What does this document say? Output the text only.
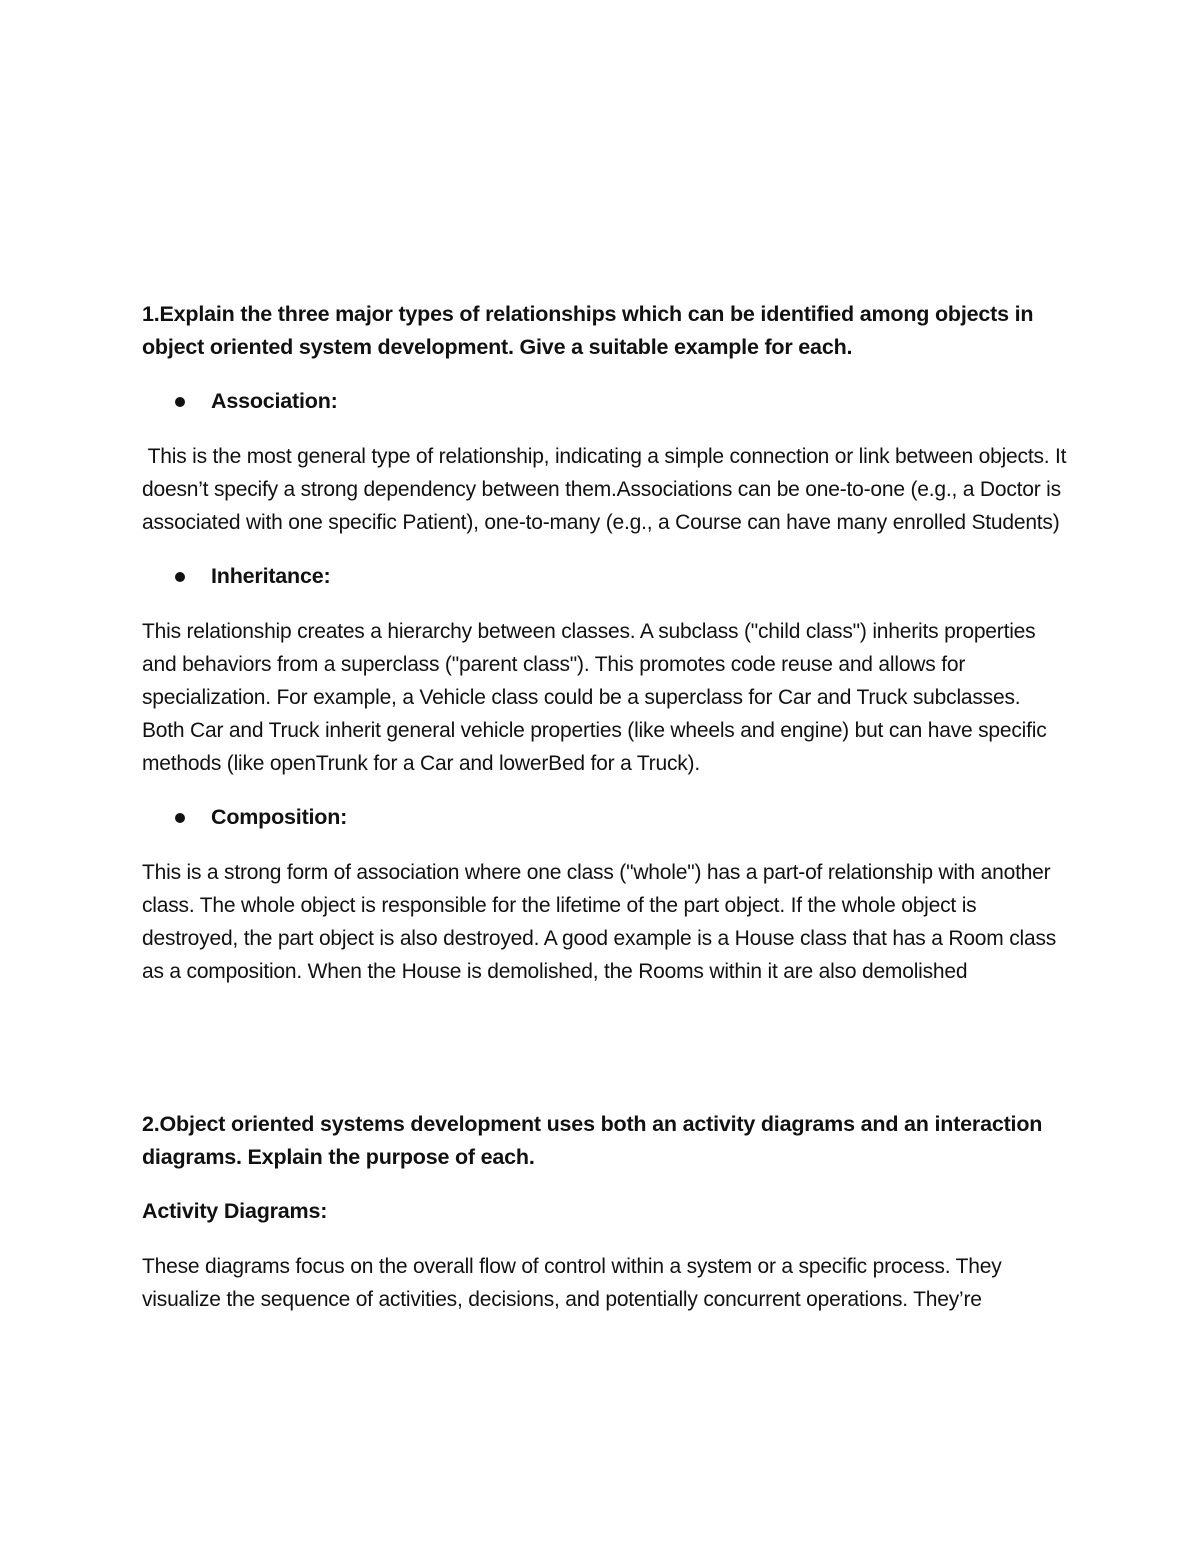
1.Explain the three major types of relationships which can be identified among objects in object oriented system development. Give a suitable example for each.

Association:

This is the most general type of relationship, indicating a simple connection or link between objects. It doesn’t specify a strong dependency between them.Associations can be one-to-one (e.g., a Doctor is associated with one specific Patient), one-to-many (e.g., a Course can have many enrolled Students)

Inheritance:

This relationship creates a hierarchy between classes. A subclass ("child class") inherits properties and behaviors from a superclass ("parent class"). This promotes code reuse and allows for specialization. For example, a Vehicle class could be a superclass for Car and Truck subclasses. Both Car and Truck inherit general vehicle properties (like wheels and engine) but can have specific methods (like openTrunk for a Car and lowerBed for a Truck).

Composition:

This is a strong form of association where one class ("whole") has a part-of relationship with another class. The whole object is responsible for the lifetime of the part object. If the whole object is destroyed, the part object is also destroyed. A good example is a House class that has a Room class as a composition. When the House is demolished, the Rooms within it are also demolished

2.Object oriented systems development uses both an activity diagrams and an interaction diagrams. Explain the purpose of each.

Activity Diagrams:

These diagrams focus on the overall flow of control within a system or a specific process. They visualize the sequence of activities, decisions, and potentially concurrent operations. They’re
